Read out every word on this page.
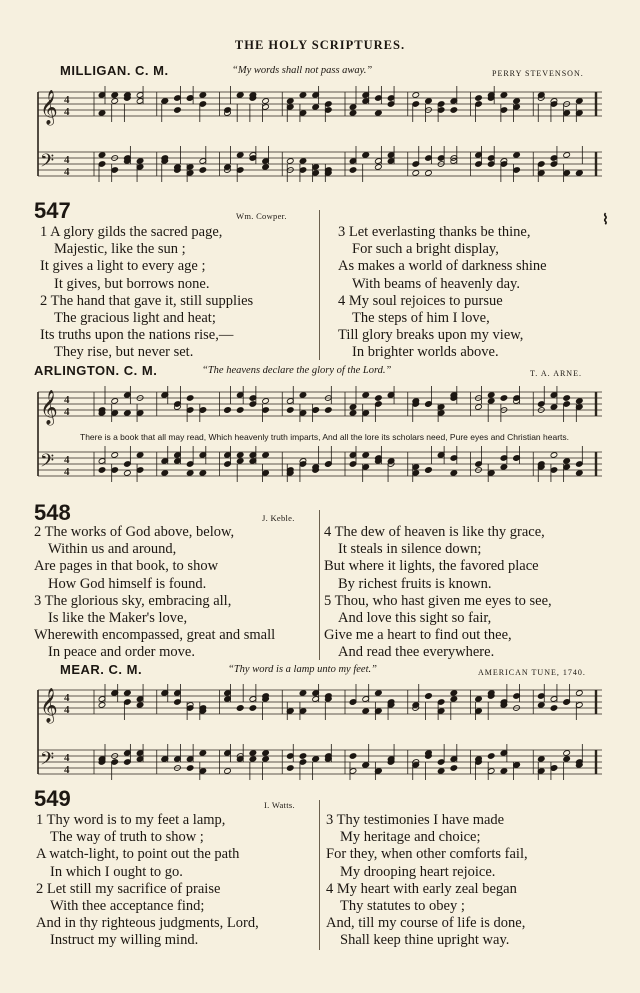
THE HOLY SCRIPTURES.
MILLIGAN. C. M.	“My words shall not pass away.”	PERRY STEVENSON.
𝄞
𝄢
4
4
4
4
547	Wm. Cowper.	⌇
1 A glory gilds the sacred page,
Majestic, like the sun ;
It gives a light to every age ;
It gives, but borrows none.
2 The hand that gave it, still supplies
The gracious light and heat;
Its truths upon the nations rise,—
They rise, but never set.
3 Let everlasting thanks be thine,
For such a bright display,
As makes a world of darkness shine
With beams of heavenly day.
4 My soul rejoices to pursue
The steps of him I love,
Till glory breaks upon my view,
In brighter worlds above.
ARLINGTON. C. M.	“The heavens declare the glory of the Lord.”	T. A. ARNE.
𝄞
𝄢
4
4
4
4
There is a book that all may read, Which heavenly truth imparts, And all the lore its scholars need, Pure eyes and Christian hearts.
548	J. Keble.
2 The works of God above, below,
Within us and around,
Are pages in that book, to show
How God himself is found.
3 The glorious sky, embracing all,
Is like the Maker's love,
Wherewith encompassed, great and small
In peace and order move.
4 The dew of heaven is like thy grace,
It steals in silence down;
But where it lights, the favored place
By richest fruits is known.
5 Thou, who hast given me eyes to see,
And love this sight so fair,
Give me a heart to find out thee,
And read thee everywhere.
MEAR. C. M.	“Thy word is a lamp unto my feet.”	AMERICAN TUNE, 1740.
𝄞
𝄢
4
4
4
4
549	I. Watts.
1 Thy word is to my feet a lamp,
The way of truth to show ;
A watch-light, to point out the path
In which I ought to go.
2 Let still my sacrifice of praise
With thee acceptance find;
And in thy righteous judgments, Lord,
Instruct my willing mind.
3 Thy testimonies I have made
My heritage and choice;
For they, when other comforts fail,
My drooping heart rejoice.
4 My heart with early zeal began
Thy statutes to obey ;
And, till my course of life is done,
Shall keep thine upright way.
